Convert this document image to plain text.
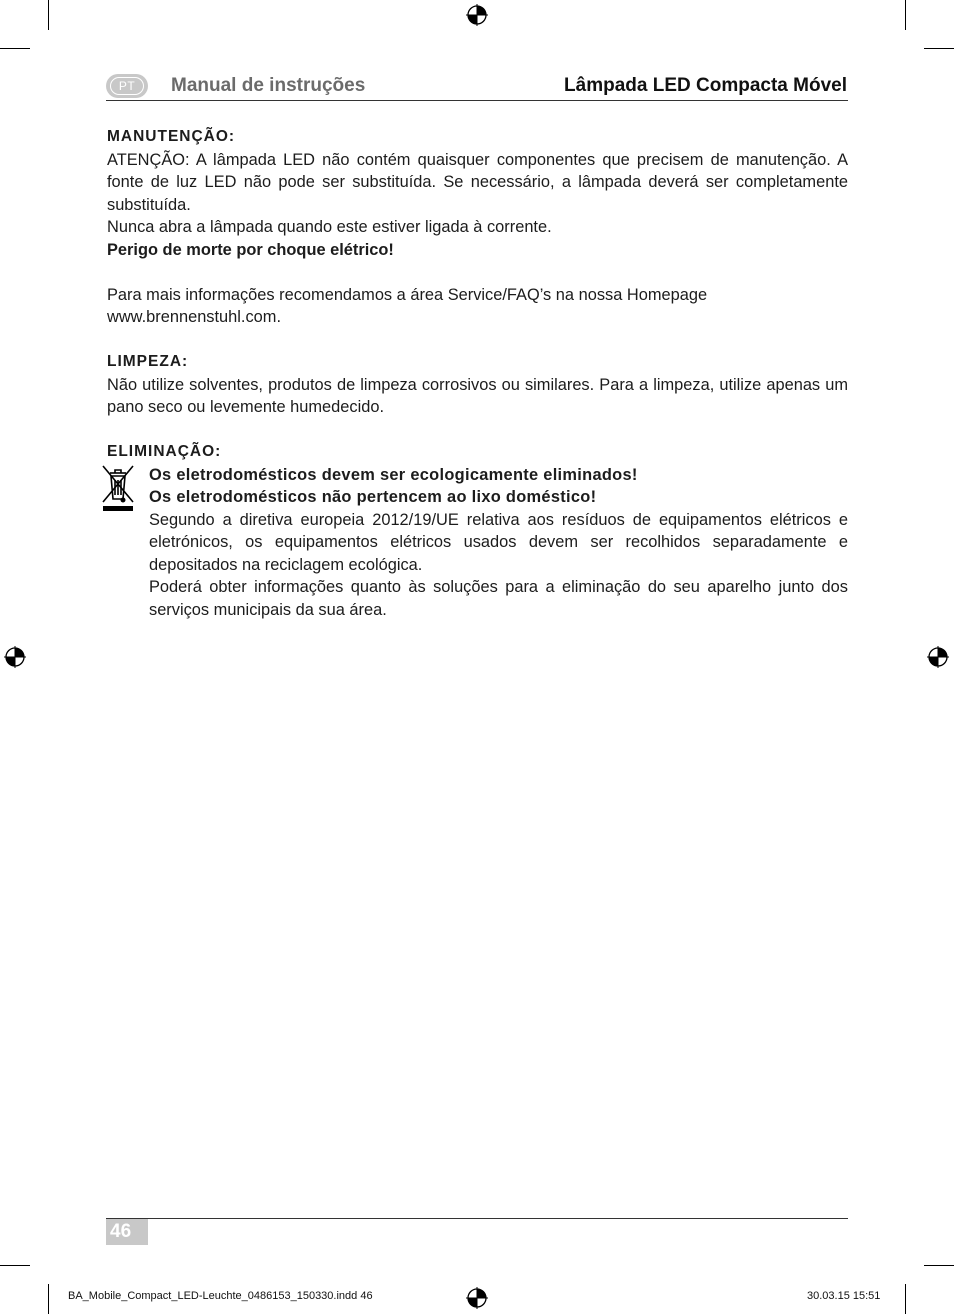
PT	Manual de instruções	Lâmpada LED Compacta Móvel

MANUTENÇÃO:

ATENÇÃO: A lâmpada LED não contém quaisquer componentes que precisem de manutenção. A fonte de luz LED não pode ser substituída. Se necessário, a lâmpada deverá ser completamente substituída.

Nunca abra a lâmpada quando este estiver ligada à corrente.

Perigo de morte por choque elétrico!

Para mais informações recomendamos a área Service/FAQ’s na nossa Homepage

www.brennenstuhl.com.

LIMPEZA:

Não utilize solventes, produtos de limpeza corrosivos ou similares. Para a limpeza, utilize apenas um pano seco ou levemente humedecido.

ELIMINAÇÃO:

Os eletrodomésticos devem ser ecologicamente eliminados!

Os eletrodomésticos não pertencem ao lixo doméstico!

Segundo a diretiva europeia 2012/19/UE relativa aos resíduos de equipamentos elétricos e eletrónicos, os equipamentos elétricos usados devem ser recolhidos separadamente e depositados na reciclagem ecológica.

Poderá obter informações quanto às soluções para a eliminação do seu aparelho junto dos serviços municipais da sua área.

46
BA_Mobile_Compact_LED-Leuchte_0486153_150330.indd 46	30.03.15 15:51
